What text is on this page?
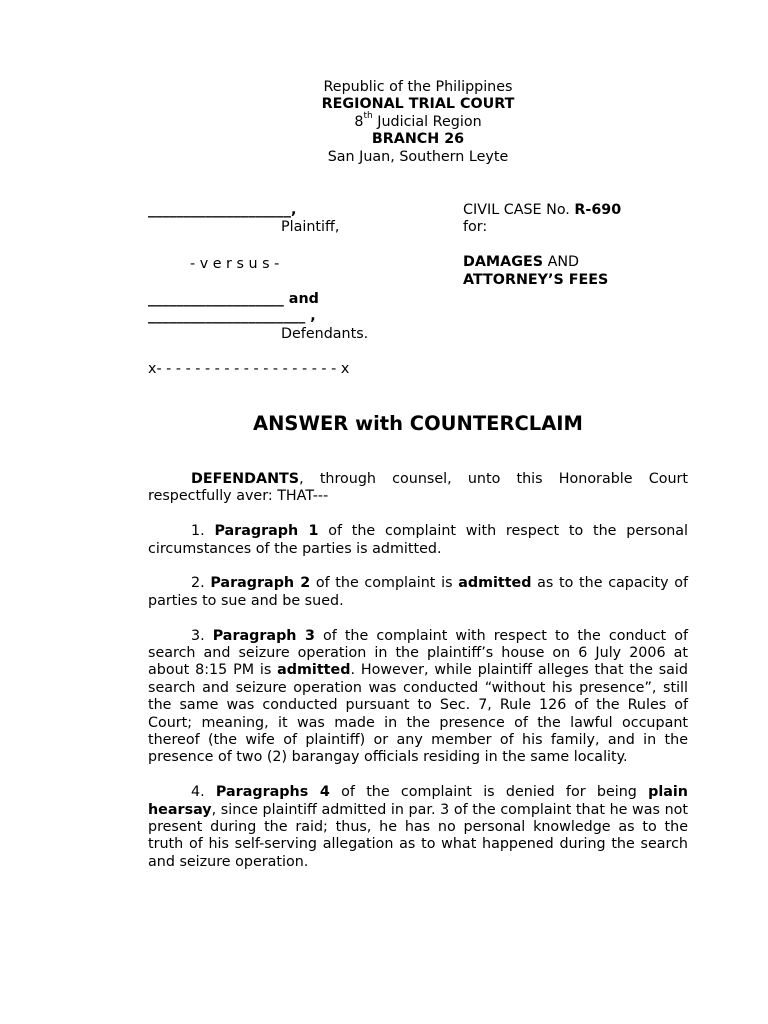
Republic of the Philippines
REGIONAL TRIAL COURT
8th Judicial Region
BRANCH 26
San Juan, Southern Leyte
____________________,
Plaintiff,
- v e r s u s -
___________________ and
______________________ ,
Defendants.
CIVIL CASE No. R-690
for:
DAMAGES AND
ATTORNEY’S FEES
x- - - - - - - - - - - - - - - - - - - x
ANSWER with COUNTERCLAIM

DEFENDANTS, through counsel, unto this Honorable Court respectfully aver: THAT---

1. Paragraph 1 of the complaint with respect to the personal circumstances of the parties is admitted.

2. Paragraph 2 of the complaint is admitted as to the capacity of parties to sue and be sued.

3. Paragraph 3 of the complaint with respect to the conduct of search and seizure operation in the plaintiff’s house on 6 July 2006 at about 8:15 PM is admitted. However, while plaintiff alleges that the said search and seizure operation was conducted “without his presence”, still the same was conducted pursuant to Sec. 7, Rule 126 of the Rules of Court; meaning, it was made in the presence of the lawful occupant thereof (the wife of plaintiff) or any member of his family, and in the presence of two (2) barangay officials residing in the same locality.

4. Paragraphs 4 of the complaint is denied for being plain hearsay, since plaintiff admitted in par. 3 of the complaint that he was not present during the raid; thus, he has no personal knowledge as to the truth of his self-serving allegation as to what happened during the search and seizure operation.
